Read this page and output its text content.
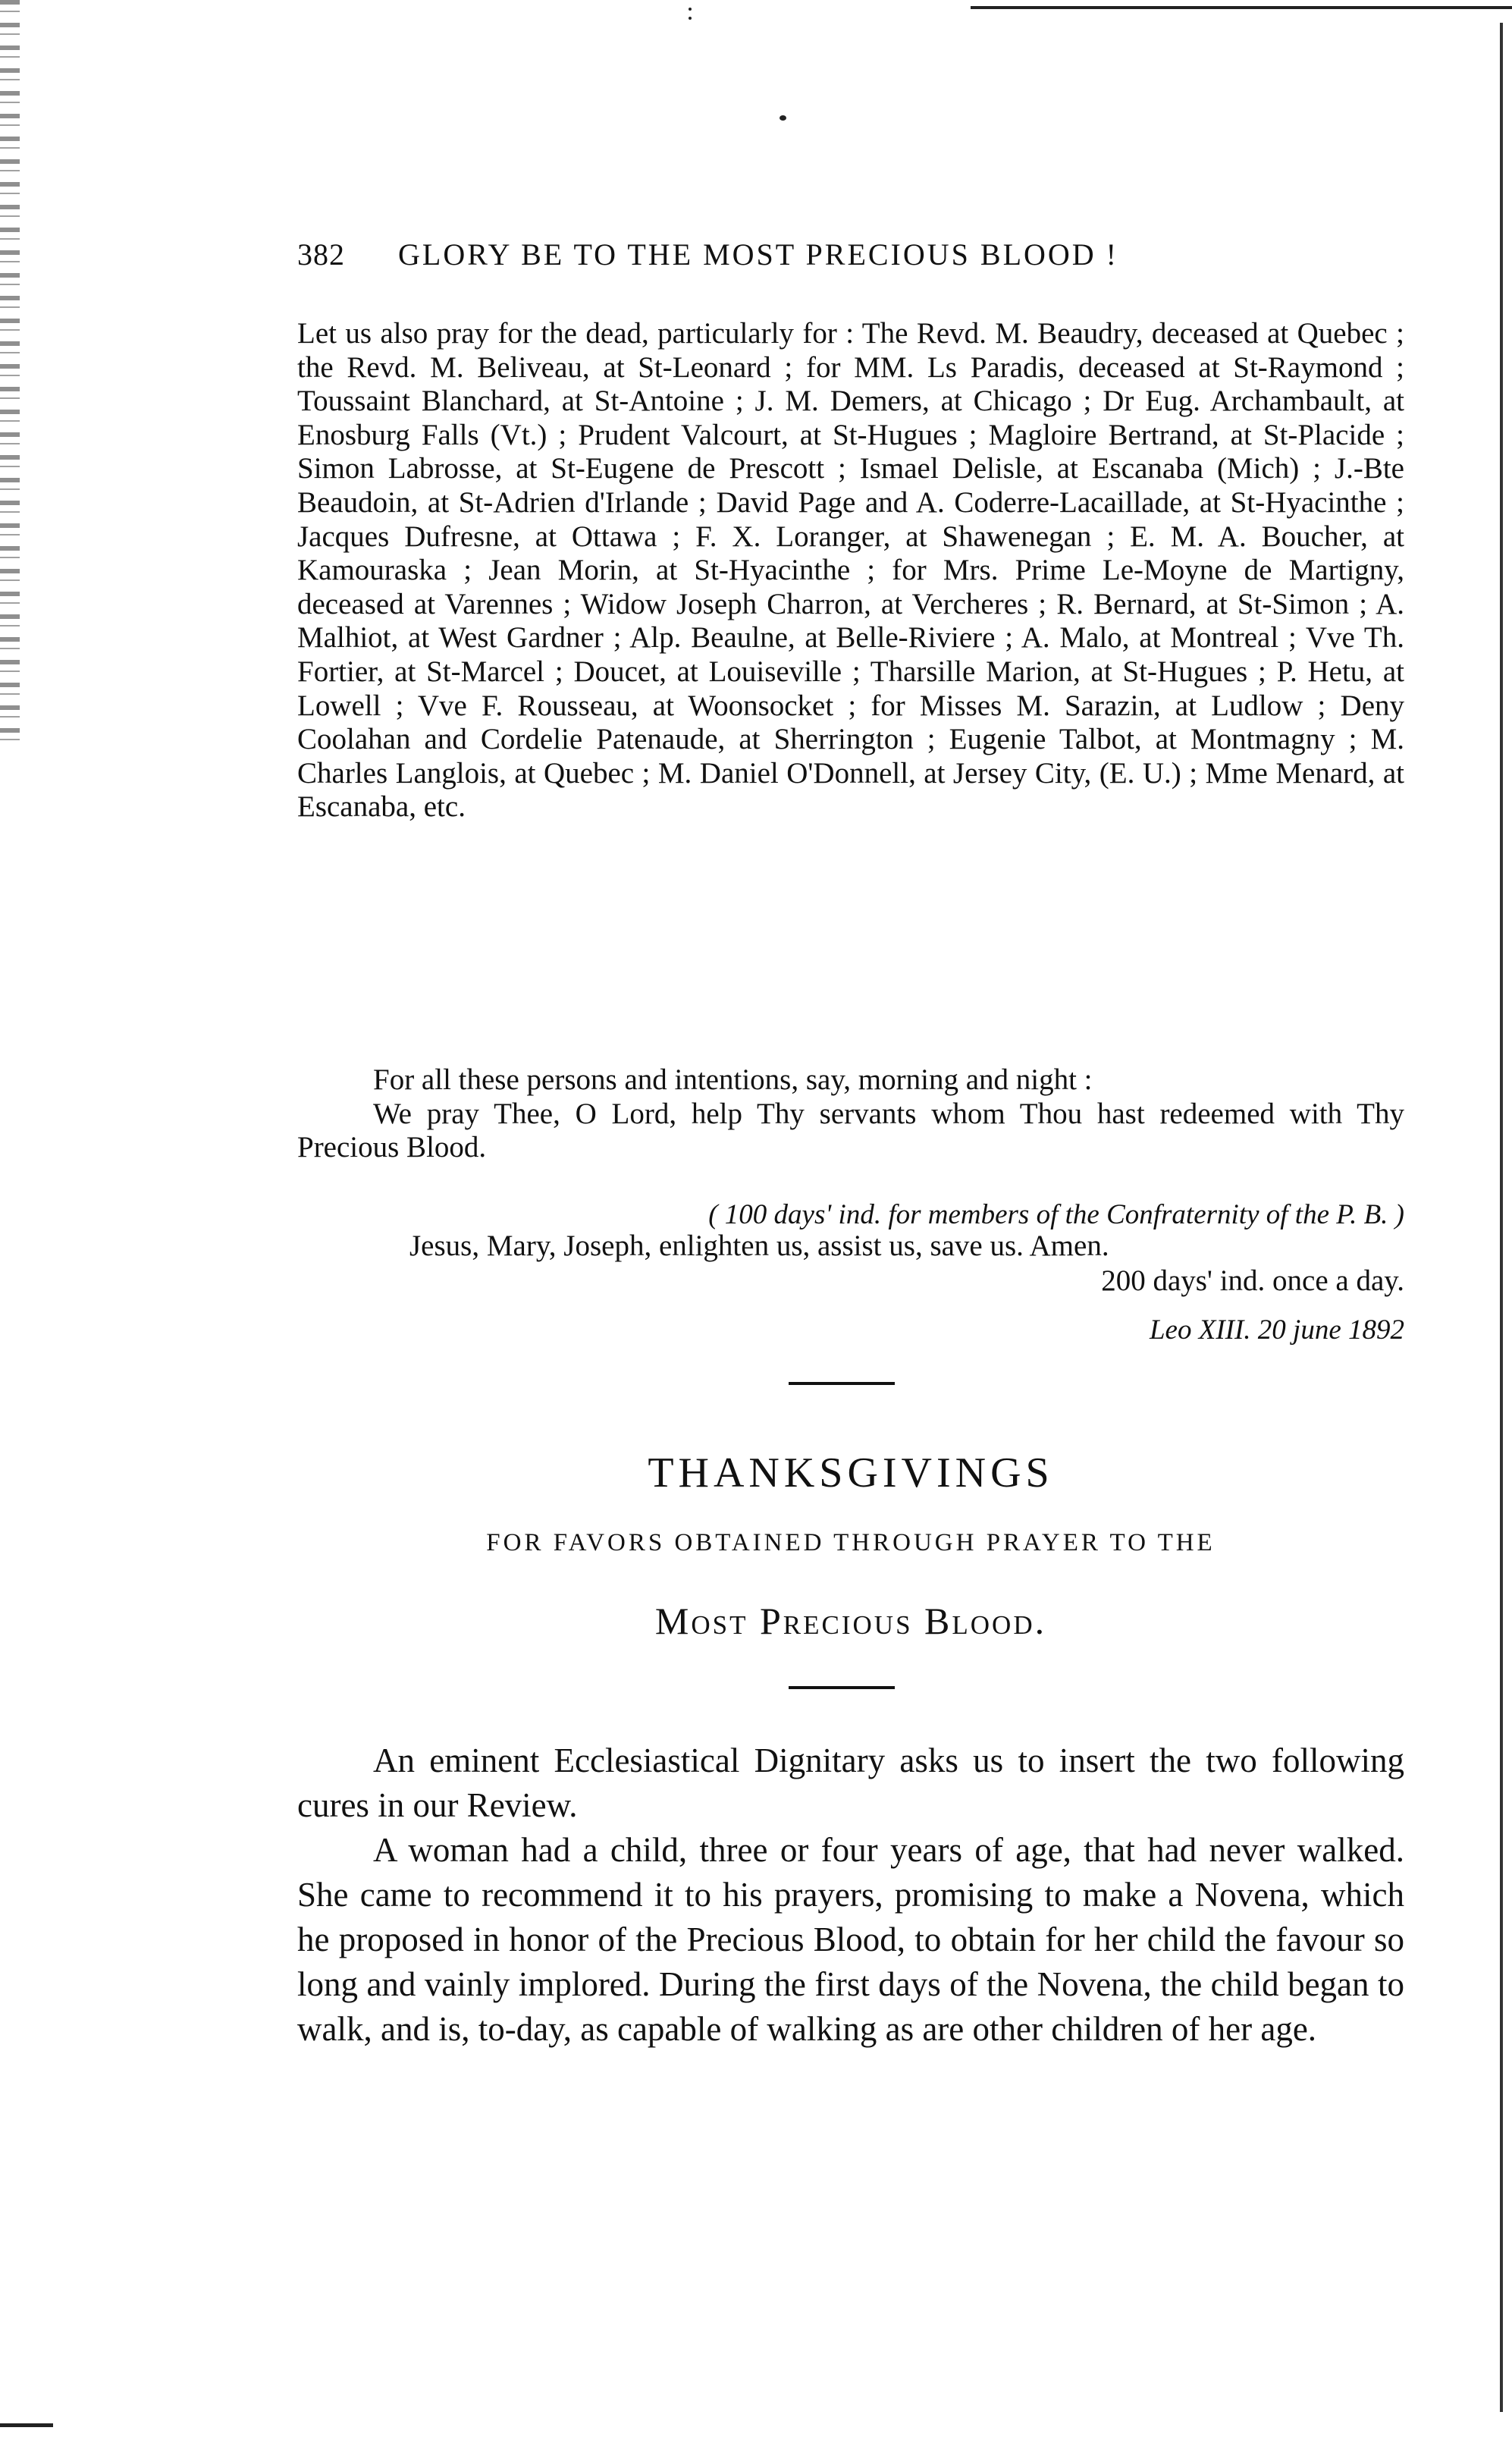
382 GLORY BE TO THE MOST PRECIOUS BLOOD !

Let us also pray for the dead, particularly for : The Revd. M. Beaudry, deceased at Quebec ; the Revd. M. Beliveau, at St-Leonard ; for MM. Ls Paradis, deceased at St-Raymond ; Toussaint Blanchard, at St-Antoine ; J. M. Demers, at Chicago ; Dr Eug. Archambault, at Enosburg Falls (Vt.) ; Prudent Valcourt, at St-Hugues ; Magloire Bertrand, at St-Placide ; Simon Labrosse, at St-Eugene de Prescott ; Ismael Delisle, at Escanaba (Mich) ; J.-Bte Beaudoin, at St-Adrien d'Irlande ; David Page and A. Coderre-Lacaillade, at St-Hyacinthe ; Jacques Dufresne, at Ottawa ; F. X. Loranger, at Shawenegan ; E. M. A. Boucher, at Kamouraska ; Jean Morin, at St-Hyacinthe ; for Mrs. Prime Le-Moyne de Martigny, deceased at Varennes ; Widow Joseph Charron, at Vercheres ; R. Bernard, at St-Simon ; A. Malhiot, at West Gardner ; Alp. Beaulne, at Belle-Riviere ; A. Malo, at Montreal ; Vve Th. Fortier, at St-Marcel ; Doucet, at Louiseville ; Tharsille Marion, at St-Hugues ; P. Hetu, at Lowell ; Vve F. Rousseau, at Woonsocket ; for Misses M. Sarazin, at Ludlow ; Deny Coolahan and Cordelie Patenaude, at Sherrington ; Eugenie Talbot, at Montmagny ; M. Charles Langlois, at Quebec ; M. Daniel O'Donnell, at Jersey City, (E. U.) ; Mme Menard, at Escanaba, etc.

For all these persons and intentions, say, morning and night :

We pray Thee, O Lord, help Thy servants whom Thou hast redeemed with Thy Precious Blood.

( 100 days' ind. for members of the Confraternity of the P. B. )
Jesus, Mary, Joseph, enlighten us, assist us, save us. Amen.
200 days' ind. once a day.
Leo XIII. 20 june 1892
THANKSGIVINGS
FOR FAVORS OBTAINED THROUGH PRAYER TO THE
Most Precious Blood.

An eminent Ecclesiastical Dignitary asks us to insert the two following cures in our Review.

A woman had a child, three or four years of age, that had never walked. She came to recommend it to his prayers, promising to make a Novena, which he proposed in honor of the Precious Blood, to obtain for her child the favour so long and vainly implored. During the first days of the Novena, the child began to walk, and is, to-day, as capable of walking as are other children of her age.
